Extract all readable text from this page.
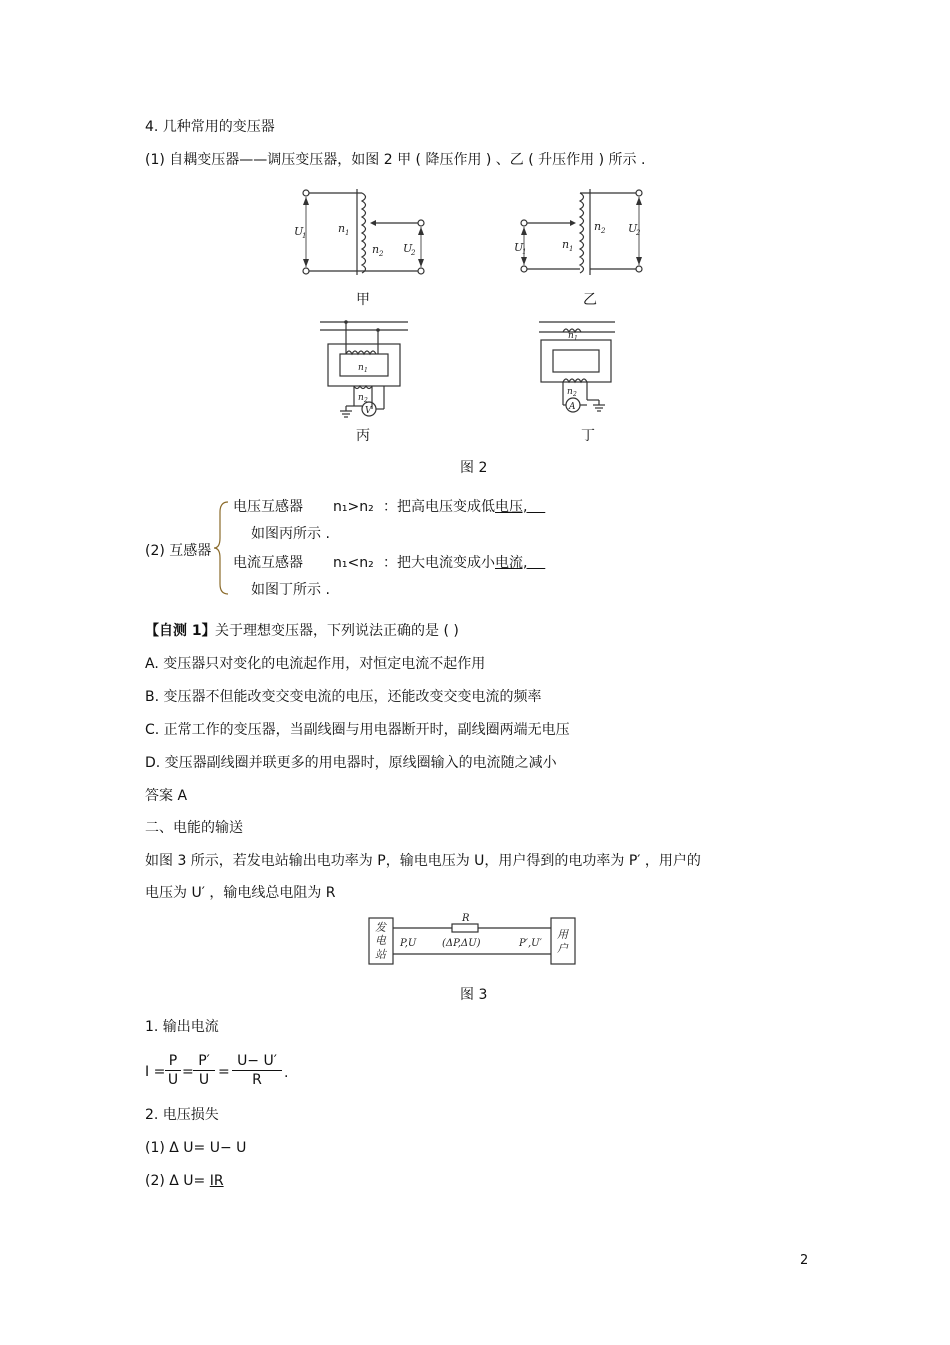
4. 几种常用的变压器
(1) 自耦变压器——调压变压器，如图 2 甲 ( 降压作用 ) 、乙 ( 升压作用 ) 所示 .
U
1
n 1
n 2 U
2
甲
U
1
n 1
n 2 U
2
乙
n 1
n 2
V
丙
n 1
n 2
A
丁
图 2
(2) 互感器
电压互感器 n₁>n₂ ：把高电压变成低电压,
如图丙所示 .
电流互感器 n₁<n₂ ：把大电流变成小电流,
如图丁所示 .
【自测 1】 关于理想变压器，下列说法正确的是 ( )
A. 变压器只对变化的电流起作用，对恒定电流不起作用
B. 变压器不但能改变交变电流的电压，还能改变交变电流的频率
C. 正常工作的变压器，当副线圈与用电器断开时，副线圈两端无电压
D. 变压器副线圈并联更多的用电器时，原线圈输入的电流随之减小
答案 A
二、电能的输送
如图 3 所示，若发电站输出电功率为 P，输电电压为 U，用户得到的电功率为 P′ ，用户的
电压为 U′ ，输电线总电阻为 R
R
P,U	(ΔP,ΔU)	P′,U′
发
电
站
用
户
图 3
1. 输出电流
I =
P
U =
P′
U =
U− U′
R	.
2. 电压损失
(1) Δ U= U− U
(2) Δ U= IR
2
